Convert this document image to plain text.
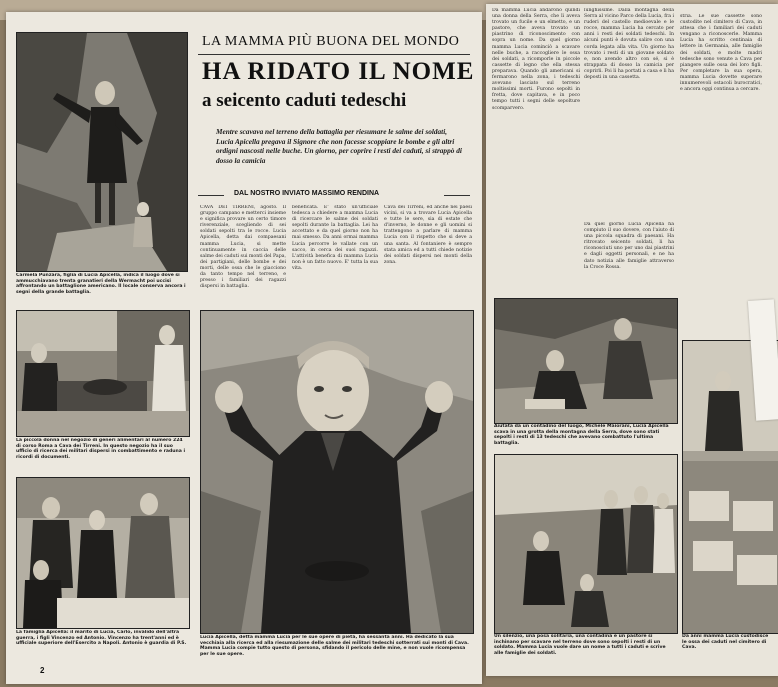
Carmela Punzara, figlia di Lucia Apicella, indica il luogo dove si ammucchiavano trenta granatieri della Wermacht poi uccisi affrontando un battaglione americano. Il locale conserva ancora i segni della grande battaglia.
La piccola donna nel negozio di generi alimentari al numero 224 di corso Roma a Cava dei Tirreni. In questo negozio ha il suo ufficio di ricerca dei militari dispersi in combattimento e raduna i ricordi di documenti.
La famiglia Apicella: il marito di Lucia, Carlo, invalido dell'altra guerra, i figli Vincenzo ed Antonio. Vincenzo ha trent'anni ed è ufficiale superiore dell'Esercito a Napoli. Antonio è guardia di P.S.
2
LA MAMMA PIÙ BUONA DEL MONDO
HA RIDATO IL NOME
a seicento caduti tedeschi
Mentre scavava nel terreno della battaglia per riesumare le salme dei soldati, Lucia Apicella pregava il Signore che non facesse scoppiare le bombe e gli altri ordigni nascosti nelle buche. Un giorno, per coprire i resti dei caduti, si strappò di dosso la camicia
DAL NOSTRO INVIATO MASSIMO RENDINA
CAVA DEI TIRRENI, agosto. Il gruppo campano e metterci insieme e significa provare un certo timore riverenziale, scegliendo di sei soldati sepolti tra le rocce. Lucia Apicella, detta dai compaesani mamma Lucia, si mette continuamente in caccia delle salme dei caduti sui monti del Papa, dei partigiani, delle bombe e dei morti, delle ossa che le giacciono da tanto tempo nel terreno, e presso i familiari dei ragazzi dispersi in battaglia.
beneficata. E' stato un'ufficiale tedesca a chiedere a mamma Lucia di ricercare le salme dei soldati sepolti durante la battaglia. Lei ha accettato e da quel giorno non ha mai smesso. Da anni ormai mamma Lucia percorre le vallate con un sacco, in cerca dei suoi ragazzi. L'attività benefica di mamma Lucia non è un fatto nuovo. E' tutta la sua vita.
Cava dei Tirreni, ed anche nei paesi vicini, si va a trovare Lucia Apicella e tutte le sere, sia di estate che d'inverno, le donne e gli uomini si trattengono a parlare di mamma Lucia con il rispetto che si deve a una santa. Al fontaniere è sempre stata amica ed a tutti chiede notizie dei soldati dispersi nei monti della zona.
Lucia Apicella, detta mamma Lucia per le sue opere di pietà, ha sessanta anni. Ha dedicato la sua vecchiaia alla ricerca ed alla riesumazione delle salme dei militari tedeschi sotterrati sui monti di Cava. Mamma Lucia compie tutto questo di persona, sfidando il pericolo delle mine, e non vuole ricompensa per le sue opere.
Da mamma Lucia andarono quindi una donna della Serra, che lì aveva trovato un fucile e un elmetto, e un pastore, che aveva trovato un piastrino di riconoscimento con sopra un nome. Da quel giorno mamma Lucia cominciò a scavare nelle buche, a raccogliere le ossa dei soldati, a ricomporle in piccole cassette di legno che ella stessa preparava. Quando gli americani si fermarono nella zona, i tedeschi avevano lasciato sul terreno moltissimi morti. Furono sepolti in fretta, dove capitava, e in poco tempo tutti i segni delle sepolture scomparvero.
lunghissime. Dalla montagna della Serra al vicino Parco della Lucia, fra i ruderi del castello medioevale e le rocce, mamma Lucia ha cercato per anni i resti dei soldati tedeschi. In alcuni punti è dovuta salire con una corda legata alla vita. Un giorno ha trovato i resti di un giovane soldato e, non avendo altro con sé, si è strappata di dosso la camicia per coprirli. Poi li ha portati a casa e li ha deposti in una cassetta.
Da quel giorno Lucia Apicella ha compiuto il suo dovere, con l'aiuto di una piccola squadra di paesani. Ha ritrovato seicento soldati, li ha riconosciuti uno per uno dai piastrini e dagli oggetti personali, e ne ha dato notizia alle famiglie attraverso la Croce Rossa.
stria. Le sue cassette sono custodite nel cimitero di Cava, in attesa che i familiari dei caduti vengano a riconoscerle. Mamma Lucia ha scritto centinaia di lettere in Germania, alle famiglie dei soldati, e molte madri tedesche sono venute a Cava per piangere sulle ossa dei loro figli. Per completare la sua opera, mamma Lucia dovette superare innumerevoli ostacoli burocratici, e ancora oggi continua a cercare.
Aiutata da un contadino del luogo, Michele Maiorani, Lucia Apicella scava in una grotta della montagna della Serra, dove sono stati sepolti i resti di 13 tedeschi che avevano combattuto l'ultima battaglia.
Un silenzio, una posa solitaria, una contadina e un pastore si inchinano per scavare nel terreno dove sono sepolti i resti di un soldato. Mamma Lucia vuole dare un nome a tutti i caduti e scrive alle famiglie dei soldati.
Da anni mamma Lucia custodisce le ossa dei caduti nel cimitero di Cava.
